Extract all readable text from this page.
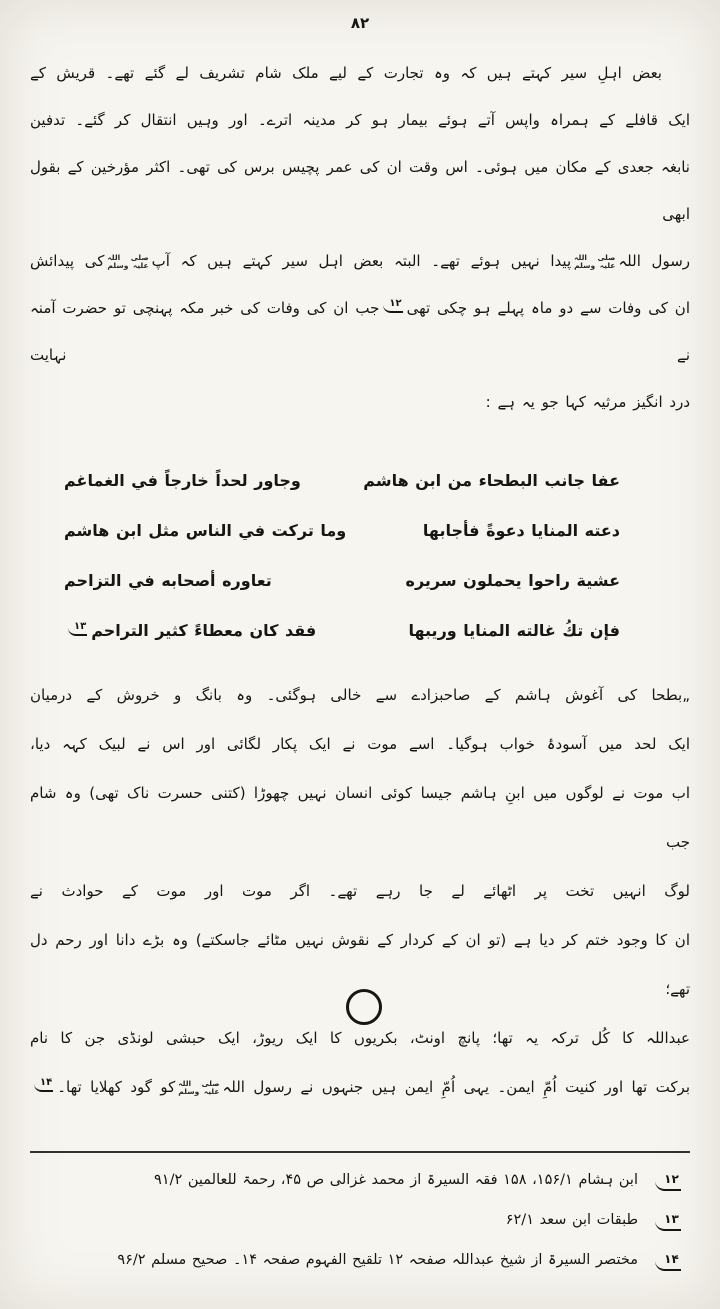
۸۲
بعض اہلِ سیر کہتے ہیں کہ وہ تجارت کے لیے ملک شام تشریف لے گئے تھے۔ قریش کے
ایک قافلے کے ہمراہ واپس آتے ہوئے بیمار ہو کر مدینہ اترے۔ اور وہیں انتقال کر گئے۔ تدفین
نابغہ جعدی کے مکان میں ہوئی۔ اس وقت ان کی عمر پچیس برس کی تھی۔ اکثر مؤرخین کے بقول ابھی
رسول اللہ
صلی اللہ
علیہ وسلم
پیدا نہیں ہوئے تھے۔ البتہ بعض اہل سیر کہتے ہیں کہ آپ
صلی اللہ
علیہ وسلم
کی پیدائش
ان کی وفات سے دو ماہ پہلے ہو چکی تھی۱۲جب ان کی وفات کی خبر مکہ پہنچی تو حضرت آمنہ نے نہایت
درد انگیز مرثیہ کہا جو یہ ہے :
عفا جانب البطحاء من ابن هاشم
وجاور لحداً خارجاً في الغماغم
دعته المنايا دعوةً فأجابها
وما تركت في الناس مثل ابن هاشم
عشية راحوا يحملون سريره
تعاوره أصحابه في التزاحم
فإن تكُ غالته المنايا وريبها
فقد كان معطاءً كثير التراحم۱۳
„بطحا کی آغوش ہاشم کے صاحبزادے سے خالی ہوگئی۔ وہ بانگ و خروش کے درمیان
ایک لحد میں آسودۂ خواب ہوگیا۔ اسے موت نے ایک پکار لگائی اور اس نے لبیک کہہ دیا،
اب موت نے لوگوں میں ابنِ ہاشم جیسا کوئی انسان نہیں چھوڑا (کتنی حسرت ناک تھی) وہ شام جب
لوگ انہیں تخت پر اٹھائے لے جا رہے تھے۔ اگر موت اور موت کے حوادث نے
ان کا وجود ختم کر دیا ہے (تو ان کے کردار کے نقوش نہیں مٹائے جاسکتے) وہ بڑے دانا اور رحم دل تھے؛
عبداللہ کا کُل ترکہ یہ تھا؛ پانچ اونٹ، بکریوں کا ایک ریوڑ، ایک حبشی لونڈی جن کا نام
برکت تھا اور کنیت اُمِّ ایمن۔ یہی اُمِّ ایمن ہیں جنہوں نے رسول اللہ
صلی اللہ
علیہ وسلم
کو گود کھلایا تھا۔۱۴
۱۲
ابن ہشام ۱۵۶/۱، ۱۵۸ فقہ السیرۃ از محمد غزالی ص ۴۵، رحمۃ للعالمین ۹۱/۲
۱۳
طبقات ابن سعد ۶۲/۱
۱۴
مختصر السیرۃ از شیخ عبداللہ صفحہ ۱۲ تلقیح الفہوم صفحہ ۱۴۔ صحیح مسلم ۹۶/۲
